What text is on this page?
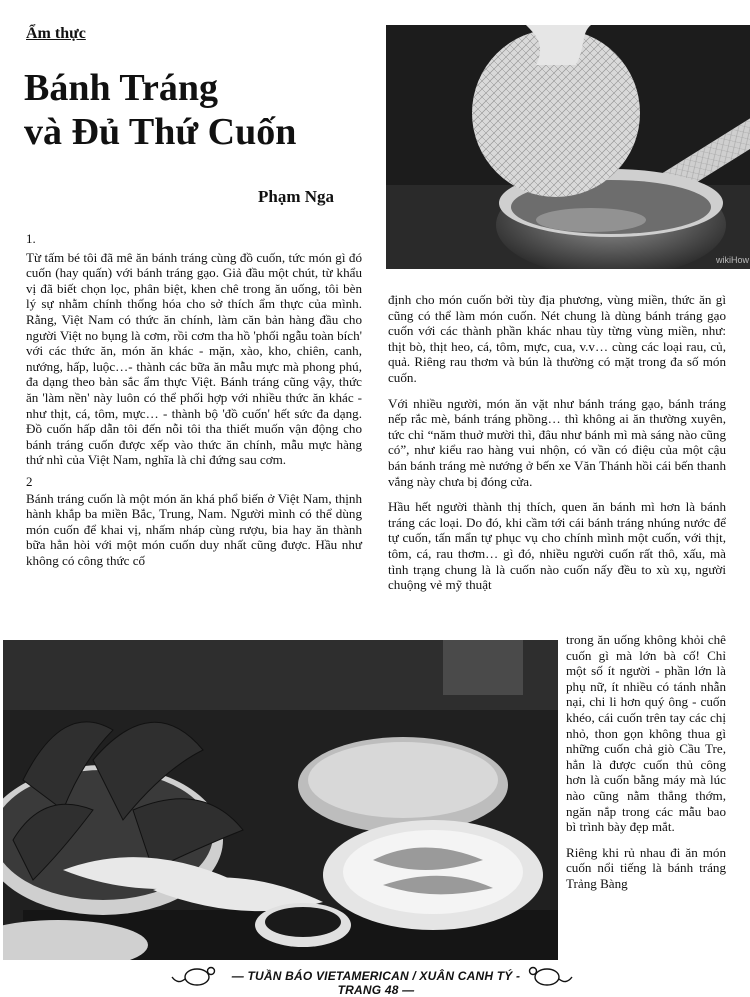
Ẩm thực
Bánh Tráng
và Đủ Thứ Cuốn
Phạm Nga
wikiHow
1.

Từ tấm bé tôi đã mê ăn bánh tráng cùng đồ cuốn, tức món gì đó cuốn (hay quấn) với bánh tráng gạo. Giả đầu một chút, từ khẩu vị đã biết chọn lọc, phân biệt, khen chê trong ăn uống, tôi bèn lý sự nhằm chính thống hóa cho sở thích ẩm thực của mình. Rằng, Việt Nam có thức ăn chính, làm căn bản hàng đầu cho người Việt no bụng là cơm, rồi cơm tha hồ 'phối ngẫu toàn bích' với các thức ăn, món ăn khác - mặn, xào, kho, chiên, canh, nướng, hấp, luộc…- thành các bữa ăn mẫu mực mà phong phú, đa dạng theo bản sắc ẩm thực Việt. Bánh tráng cũng vậy, thức ăn 'làm nền' này luôn có thể phối hợp với nhiều thức ăn khác - như thịt, cá, tôm, mực… - thành bộ 'đồ cuốn' hết sức đa dạng. Đồ cuốn hấp dẫn tôi đến nỗi tôi tha thiết muốn vận động cho bánh tráng cuốn được xếp vào thức ăn chính, mẫu mực hàng thứ nhì của Việt Nam, nghĩa là chỉ đứng sau cơm.

2

Bánh tráng cuốn là một món ăn khá phổ biến ở Việt Nam, thịnh hành khắp ba miền Bắc, Trung, Nam. Người mình có thể dùng món cuốn để khai vị, nhấm nháp cùng rượu, bia hay ăn thành bữa hẳn hòi với một món cuốn duy nhất cũng được. Hầu như không có công thức cố

định cho món cuốn bởi tùy địa phương, vùng miền, thức ăn gì cũng có thể làm món cuốn. Nét chung là dùng bánh tráng gạo cuốn với các thành phần khác nhau tùy từng vùng miền, như: thịt bò, thịt heo, cá, tôm, mực, cua, v.v… cùng các loại rau, củ, quả. Riêng rau thơm và bún là thường có mặt trong đa số món cuốn.

Với nhiều người, món ăn vặt như bánh tráng gạo, bánh tráng nếp rắc mè, bánh tráng phồng… thì không ai ăn thường xuyên, tức chỉ “năm thuở mười thì, đâu như bánh mì mà sáng nào cũng có”, như kiểu rao hàng vui nhộn, có vần có điệu của một cậu bán bánh tráng mè nướng ở bến xe Văn Thánh hồi cái bến thanh vắng này chưa bị đóng cửa.

Hầu hết người thành thị thích, quen ăn bánh mì hơn là bánh tráng các loại. Do đó, khi cầm tới cái bánh tráng nhúng nước để tự cuốn, tấn mẩn tự phục vụ cho chính mình một cuốn, với thịt, tôm, cá, rau thơm… gì đó, nhiều người cuốn rất thô, xấu, mà tình trạng chung là là cuốn nào cuốn nấy đều to xù xụ, người chuộng vẻ mỹ thuật

trong ăn uống không khỏi chê cuốn gì mà lớn bà cố! Chỉ một số ít người - phần lớn là phụ nữ, ít nhiều có tánh nhẫn nại, chi li hơn quý ông - cuốn khéo, cái cuốn trên tay các chị nhỏ, thon gọn không thua gì những cuốn chả giò Cầu Tre, hẳn là được cuốn thủ công hơn là cuốn bằng máy mà lúc nào cũng nằm thẳng thớm, ngăn nắp trong các mẫu bao bì trình bày đẹp mắt.

Riêng khi rủ nhau đi ăn món cuốn nổi tiếng là bánh tráng Trảng Bàng

— TUẦN BÁO VIETAMERICAN / XUÂN CANH TÝ - TRANG 48 —
